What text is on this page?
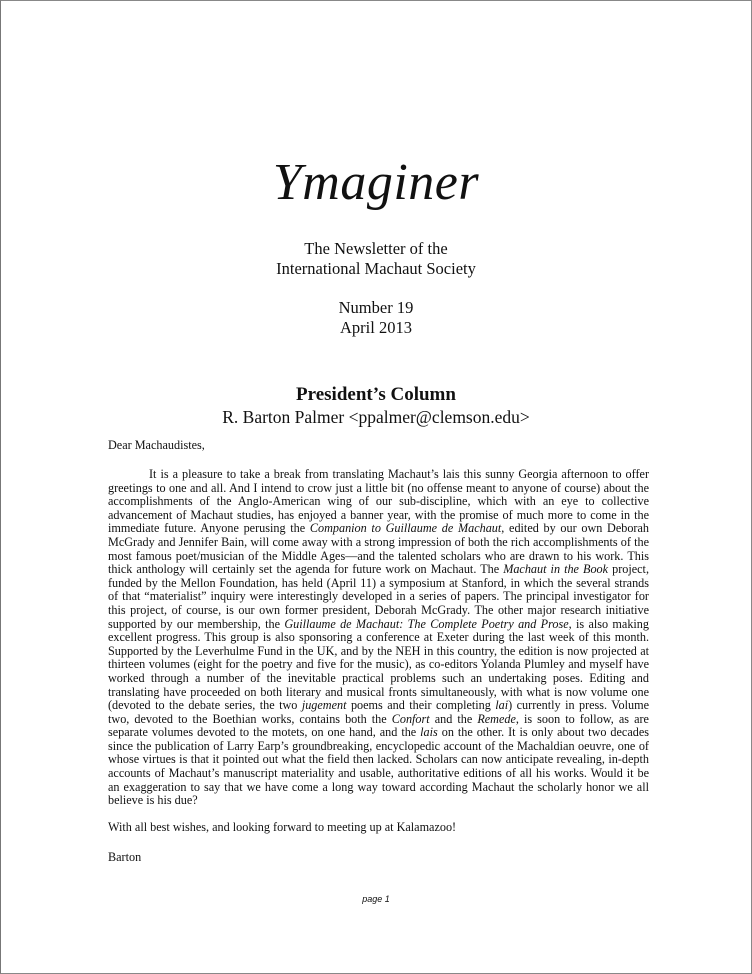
Ymaginer
The Newsletter of the
International Machaut Society
Number 19
April 2013
President’s Column
R. Barton Palmer <ppalmer@clemson.edu>
Dear Machaudistes,
It is a pleasure to take a break from translating Machaut’s lais this sunny Georgia afternoon to offer greetings to one and all. And I intend to crow just a little bit (no offense meant to anyone of course) about the accomplishments of the Anglo-American wing of our sub-discipline, which with an eye to collective advancement of Machaut studies, has enjoyed a banner year, with the promise of much more to come in the immediate future. Anyone perusing the Companion to Guillaume de Machaut, edited by our own Deborah McGrady and Jennifer Bain, will come away with a strong impression of both the rich accomplishments of the most famous poet/musician of the Middle Ages—and the talented scholars who are drawn to his work. This thick anthology will certainly set the agenda for future work on Machaut. The Machaut in the Book project, funded by the Mellon Foundation, has held (April 11) a symposium at Stanford, in which the several strands of that “materialist” inquiry were interestingly developed in a series of papers. The principal investigator for this project, of course, is our own former president, Deborah McGrady. The other major research initiative supported by our membership, the Guillaume de Machaut: The Complete Poetry and Prose, is also making excellent progress. This group is also sponsoring a conference at Exeter during the last week of this month. Supported by the Leverhulme Fund in the UK, and by the NEH in this country, the edition is now projected at thirteen volumes (eight for the poetry and five for the music), as co-editors Yolanda Plumley and myself have worked through a number of the inevitable practical problems such an undertaking poses. Editing and translating have proceeded on both literary and musical fronts simultaneously, with what is now volume one (devoted to the debate series, the two jugement poems and their completing lai) currently in press. Volume two, devoted to the Boethian works, contains both the Confort and the Remede, is soon to follow, as are separate volumes devoted to the motets, on one hand, and the lais on the other. It is only about two decades since the publication of Larry Earp’s groundbreaking, encyclopedic account of the Machaldian oeuvre, one of whose virtues is that it pointed out what the field then lacked. Scholars can now anticipate revealing, in-depth accounts of Machaut’s manuscript materiality and usable, authoritative editions of all his works. Would it be an exaggeration to say that we have come a long way toward according Machaut the scholarly honor we all believe is his due?
With all best wishes, and looking forward to meeting up at Kalamazoo!
Barton
page 1
